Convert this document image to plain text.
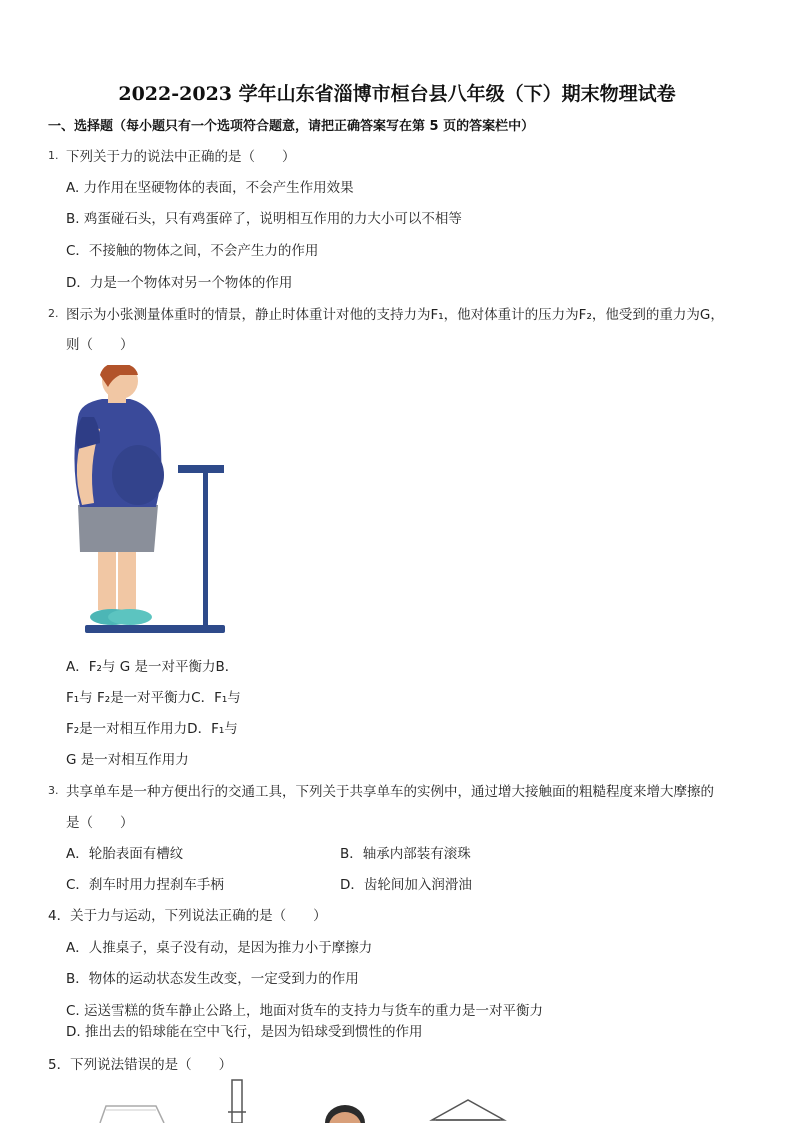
2022-2023 学年山东省淄博市桓台县八年级（下）期末物理试卷
一、选择题（每小题只有一个选项符合题意，请把正确答案写在第 5 页的答案栏中）
1. 下列关于力的说法中正确的是（　　）
A. 力作用在坚硬物体的表面，不会产生作用效果
B. 鸡蛋碰石头，只有鸡蛋碎了，说明相互作用的力大小可以不相等
C．不接触的物体之间，不会产生力的作用
D．力是一个物体对另一个物体的作用
2. 图示为小张测量体重时的情景，静止时体重计对他的支持力为F₁，他对体重计的压力为F₂，他受到的重力为G，
则（　　）
A．F₂与 G 是一对平衡力B．
F₁与 F₂是一对平衡力C．F₁与
F₂是一对相互作用力D．F₁与
G 是一对相互作用力
3. 共享单车是一种方便出行的交通工具，下列关于共享单车的实例中，通过增大接触面的粗糙程度来增大摩擦的
是（　　）
A．轮胎表面有槽纹	B．轴承内部装有滚珠
C．刹车时用力捏刹车手柄	D．齿轮间加入润滑油
4．关于力与运动，下列说法正确的是（　　）
A．人推桌子，桌子没有动，是因为推力小于摩擦力
B．物体的运动状态发生改变，一定受到力的作用
C. 运送雪糕的货车静止公路上，地面对货车的支持力与货车的重力是一对平衡力
D. 推出去的铅球能在空中飞行，是因为铅球受到惯性的作用
5．下列说法错误的是（　　）
